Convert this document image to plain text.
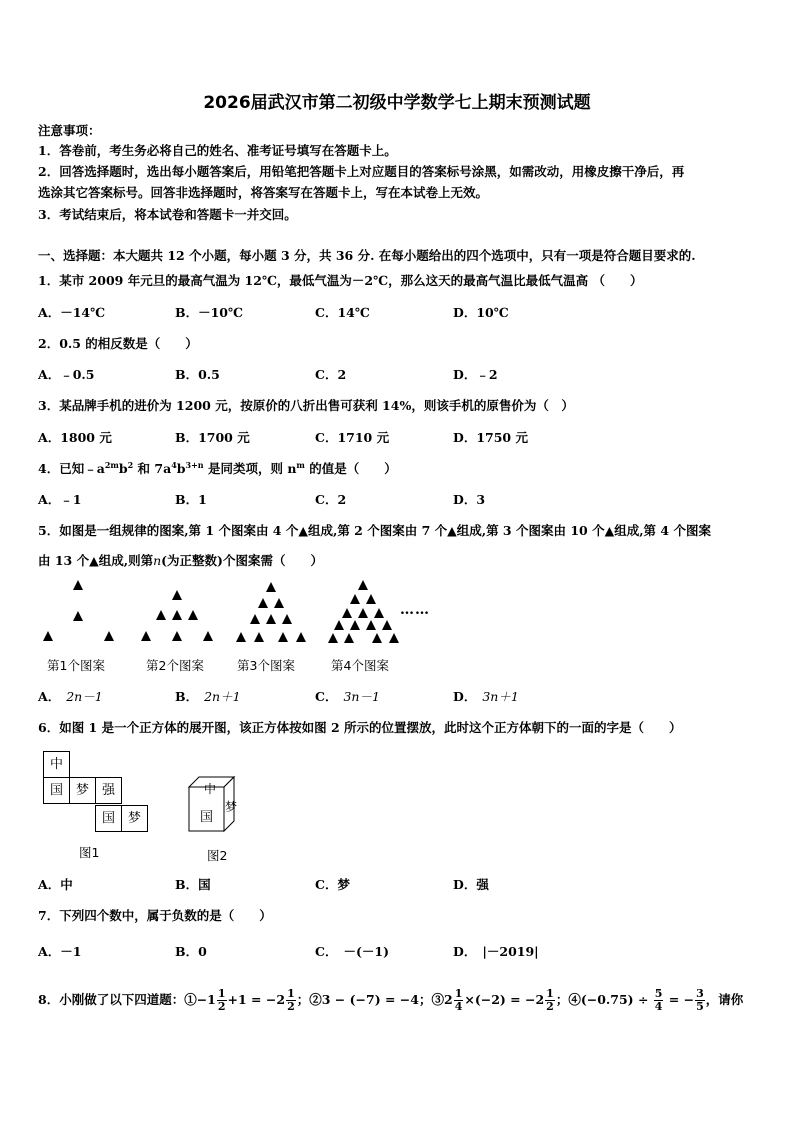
2026届武汉市第二初级中学数学七上期末预测试题
注意事项：
1．答卷前，考生务必将自己的姓名、准考证号填写在答题卡上。
2．回答选择题时，选出每小题答案后，用铅笔把答题卡上对应题目的答案标号涂黑，如需改动，用橡皮擦干净后，再
选涂其它答案标号。回答非选择题时，将答案写在答题卡上，写在本试卷上无效。
3．考试结束后，将本试卷和答题卡一并交回。
一、选择题：本大题共 12 个小题，每小题 3 分，共 36 分. 在每小题给出的四个选项中，只有一项是符合题目要求的.
1．某市 2009 年元旦的最高气温为 12℃，最低气温为－2℃，那么这天的最高气温比最低气温高 （　　）
A．－14℃	B．－10℃	C．14℃	D．10℃
2．0.5 的相反数是（　　）
A．﹣0.5	B．0.5	C．2	D．﹣2
3．某品牌手机的进价为 1200 元，按原价的八折出售可获利 14%，则该手机的原售价为（　）
A．1800 元	B．1700 元	C．1710 元	D．1750 元
4．已知$﹣a^{2m}b^2$ 和 $7a^4b^{3+n}$ 是同类项，则 $n^m$ 的值是（　　）
A．﹣1	B．1	C．2	D．3
5．如图是一组规律的图案,第 1 个图案由 4 个▲组成,第 2 个图案由 7 个▲组成,第 3 个图案由 10 个▲组成,第 4 个图案
由 13 个▲组成,则第n(为正整数)个图案需（　　）
……
第1个图案	第2个图案	第3个图案	第4个图案
A． 2n－1	B． 2n＋1	C． 3n－1	D． 3n＋1
6．如图 1 是一个正方体的展开图，该正方体按如图 2 所示的位置摆放，此时这个正方体朝下的一面的字是（　　）
中
国 梦 强
国 梦
图1
中
国
梦
图2
A．中	B．国	C．梦	D．强
7．下列四个数中，属于负数的是（　　）
A．－1	B．0	C． －(－1)	D． |－2019|
8．小刚做了以下四道题：①−1 $\frac{1}{2} +1 = -2 \frac{1}{2}$ ；②3 − (−7) = −4；③2 $\frac{1}{4} \times(-2) = -2 \frac{1}{2}$ ；④(−0.75) ÷ $\frac{5}{4}$ = − $\frac{3}{5}$ ，请你
